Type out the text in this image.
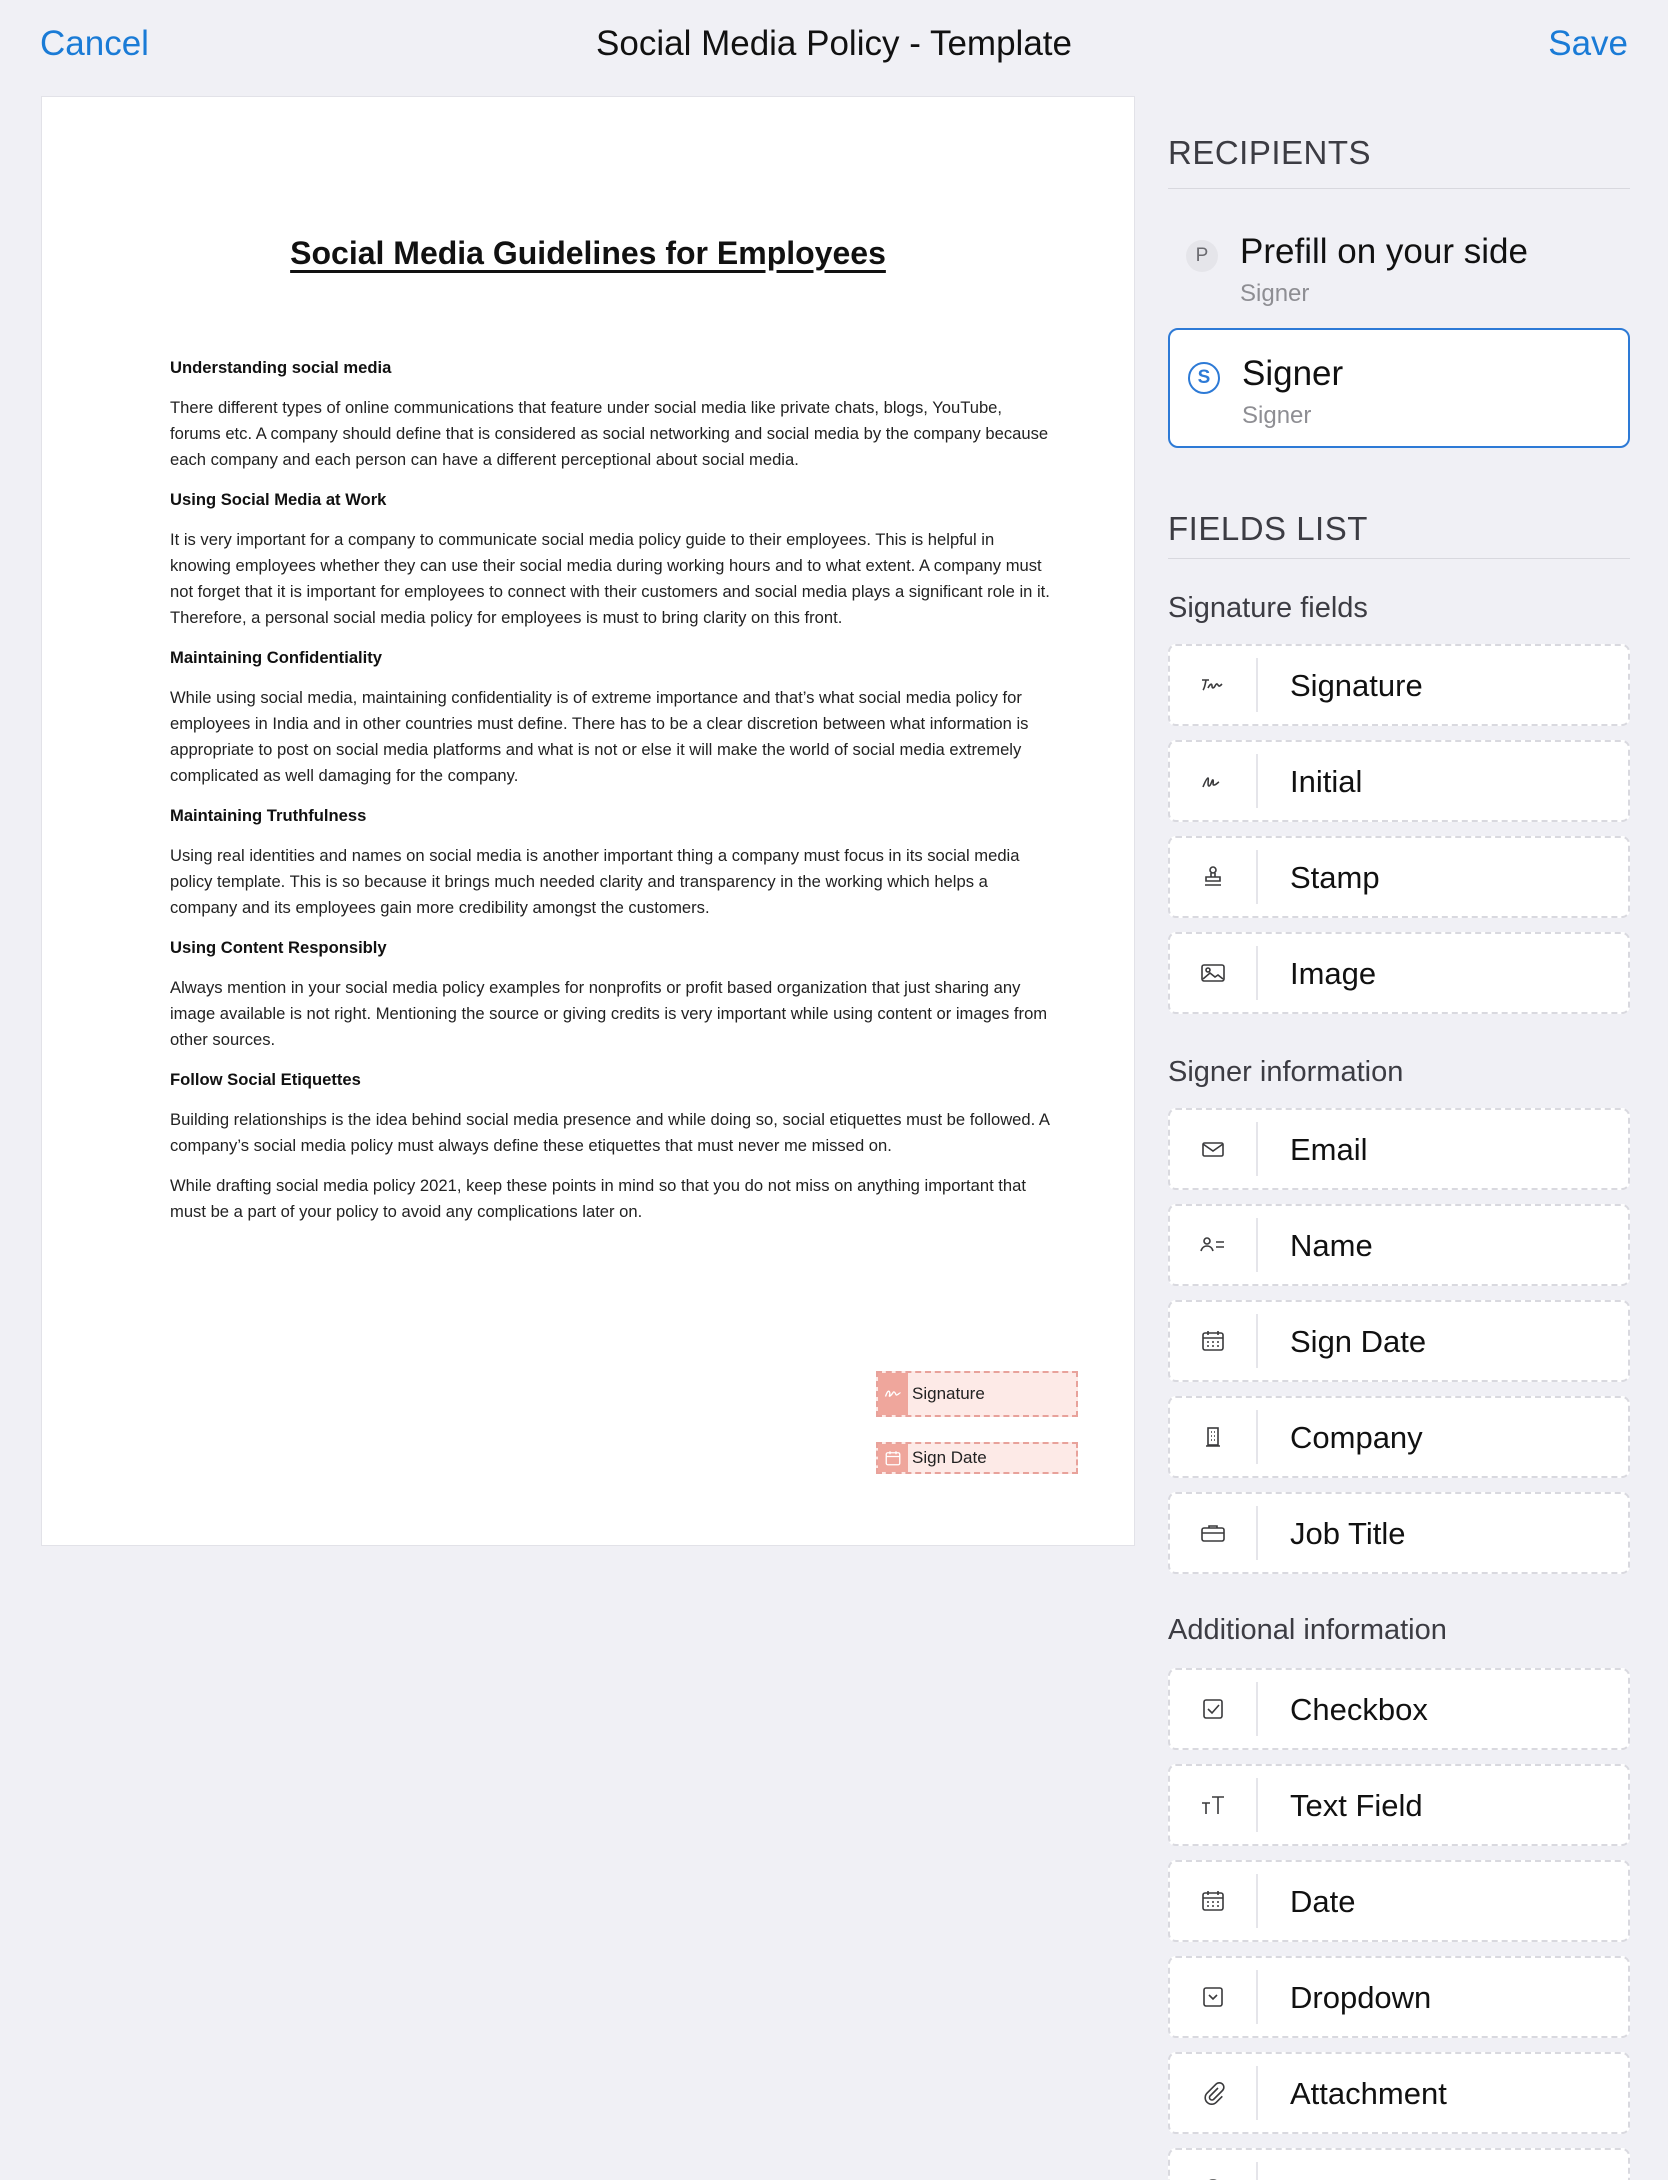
Cancel	Social Media Policy - Template	Save
Social Media Guidelines for Employees
Understanding social media

There different types of online communications that feature under social media like private chats, blogs, YouTube, forums etc. A company should define that is considered as social networking and social media by the company because each company and each person can have a different perceptional about social media.

Using Social Media at Work

It is very important for a company to communicate social media policy guide to their employees. This is helpful in knowing employees whether they can use their social media during working hours and to what extent. A company must not forget that it is important for employees to connect with their customers and social media plays a significant role in it. Therefore, a personal social media policy for employees is must to bring clarity on this front.

Maintaining Confidentiality

While using social media, maintaining confidentiality is of extreme importance and that’s what social media policy for employees in India and in other countries must define. There has to be a clear discretion between what information is appropriate to post on social media platforms and what is not or else it will make the world of social media extremely complicated as well damaging for the company.

Maintaining Truthfulness

Using real identities and names on social media is another important thing a company must focus in its social media policy template. This is so because it brings much needed clarity and transparency in the working which helps a company and its employees gain more credibility amongst the customers.

Using Content Responsibly

Always mention in your social media policy examples for nonprofits or profit based organization that just sharing any image available is not right. Mentioning the source or giving credits is very important while using content or images from other sources.

Follow Social Etiquettes

Building relationships is the idea behind social media presence and while doing so, social etiquettes must be followed. A company’s social media policy must always define these etiquettes that must never me missed on.

While drafting social media policy 2021, keep these points in mind so that you do not miss on anything important that must be a part of your policy to avoid any complications later on.

Signature
Sign Date
RECIPIENTS
P Prefill on your side
Signer
S Signer
Signer
FIELDS LIST
Signature fields
Signature
Initial
Stamp
Image
Signer information
Email
Name
Sign Date
Company
Job Title
Additional information
Checkbox
Text Field
Date
Dropdown
Attachment
